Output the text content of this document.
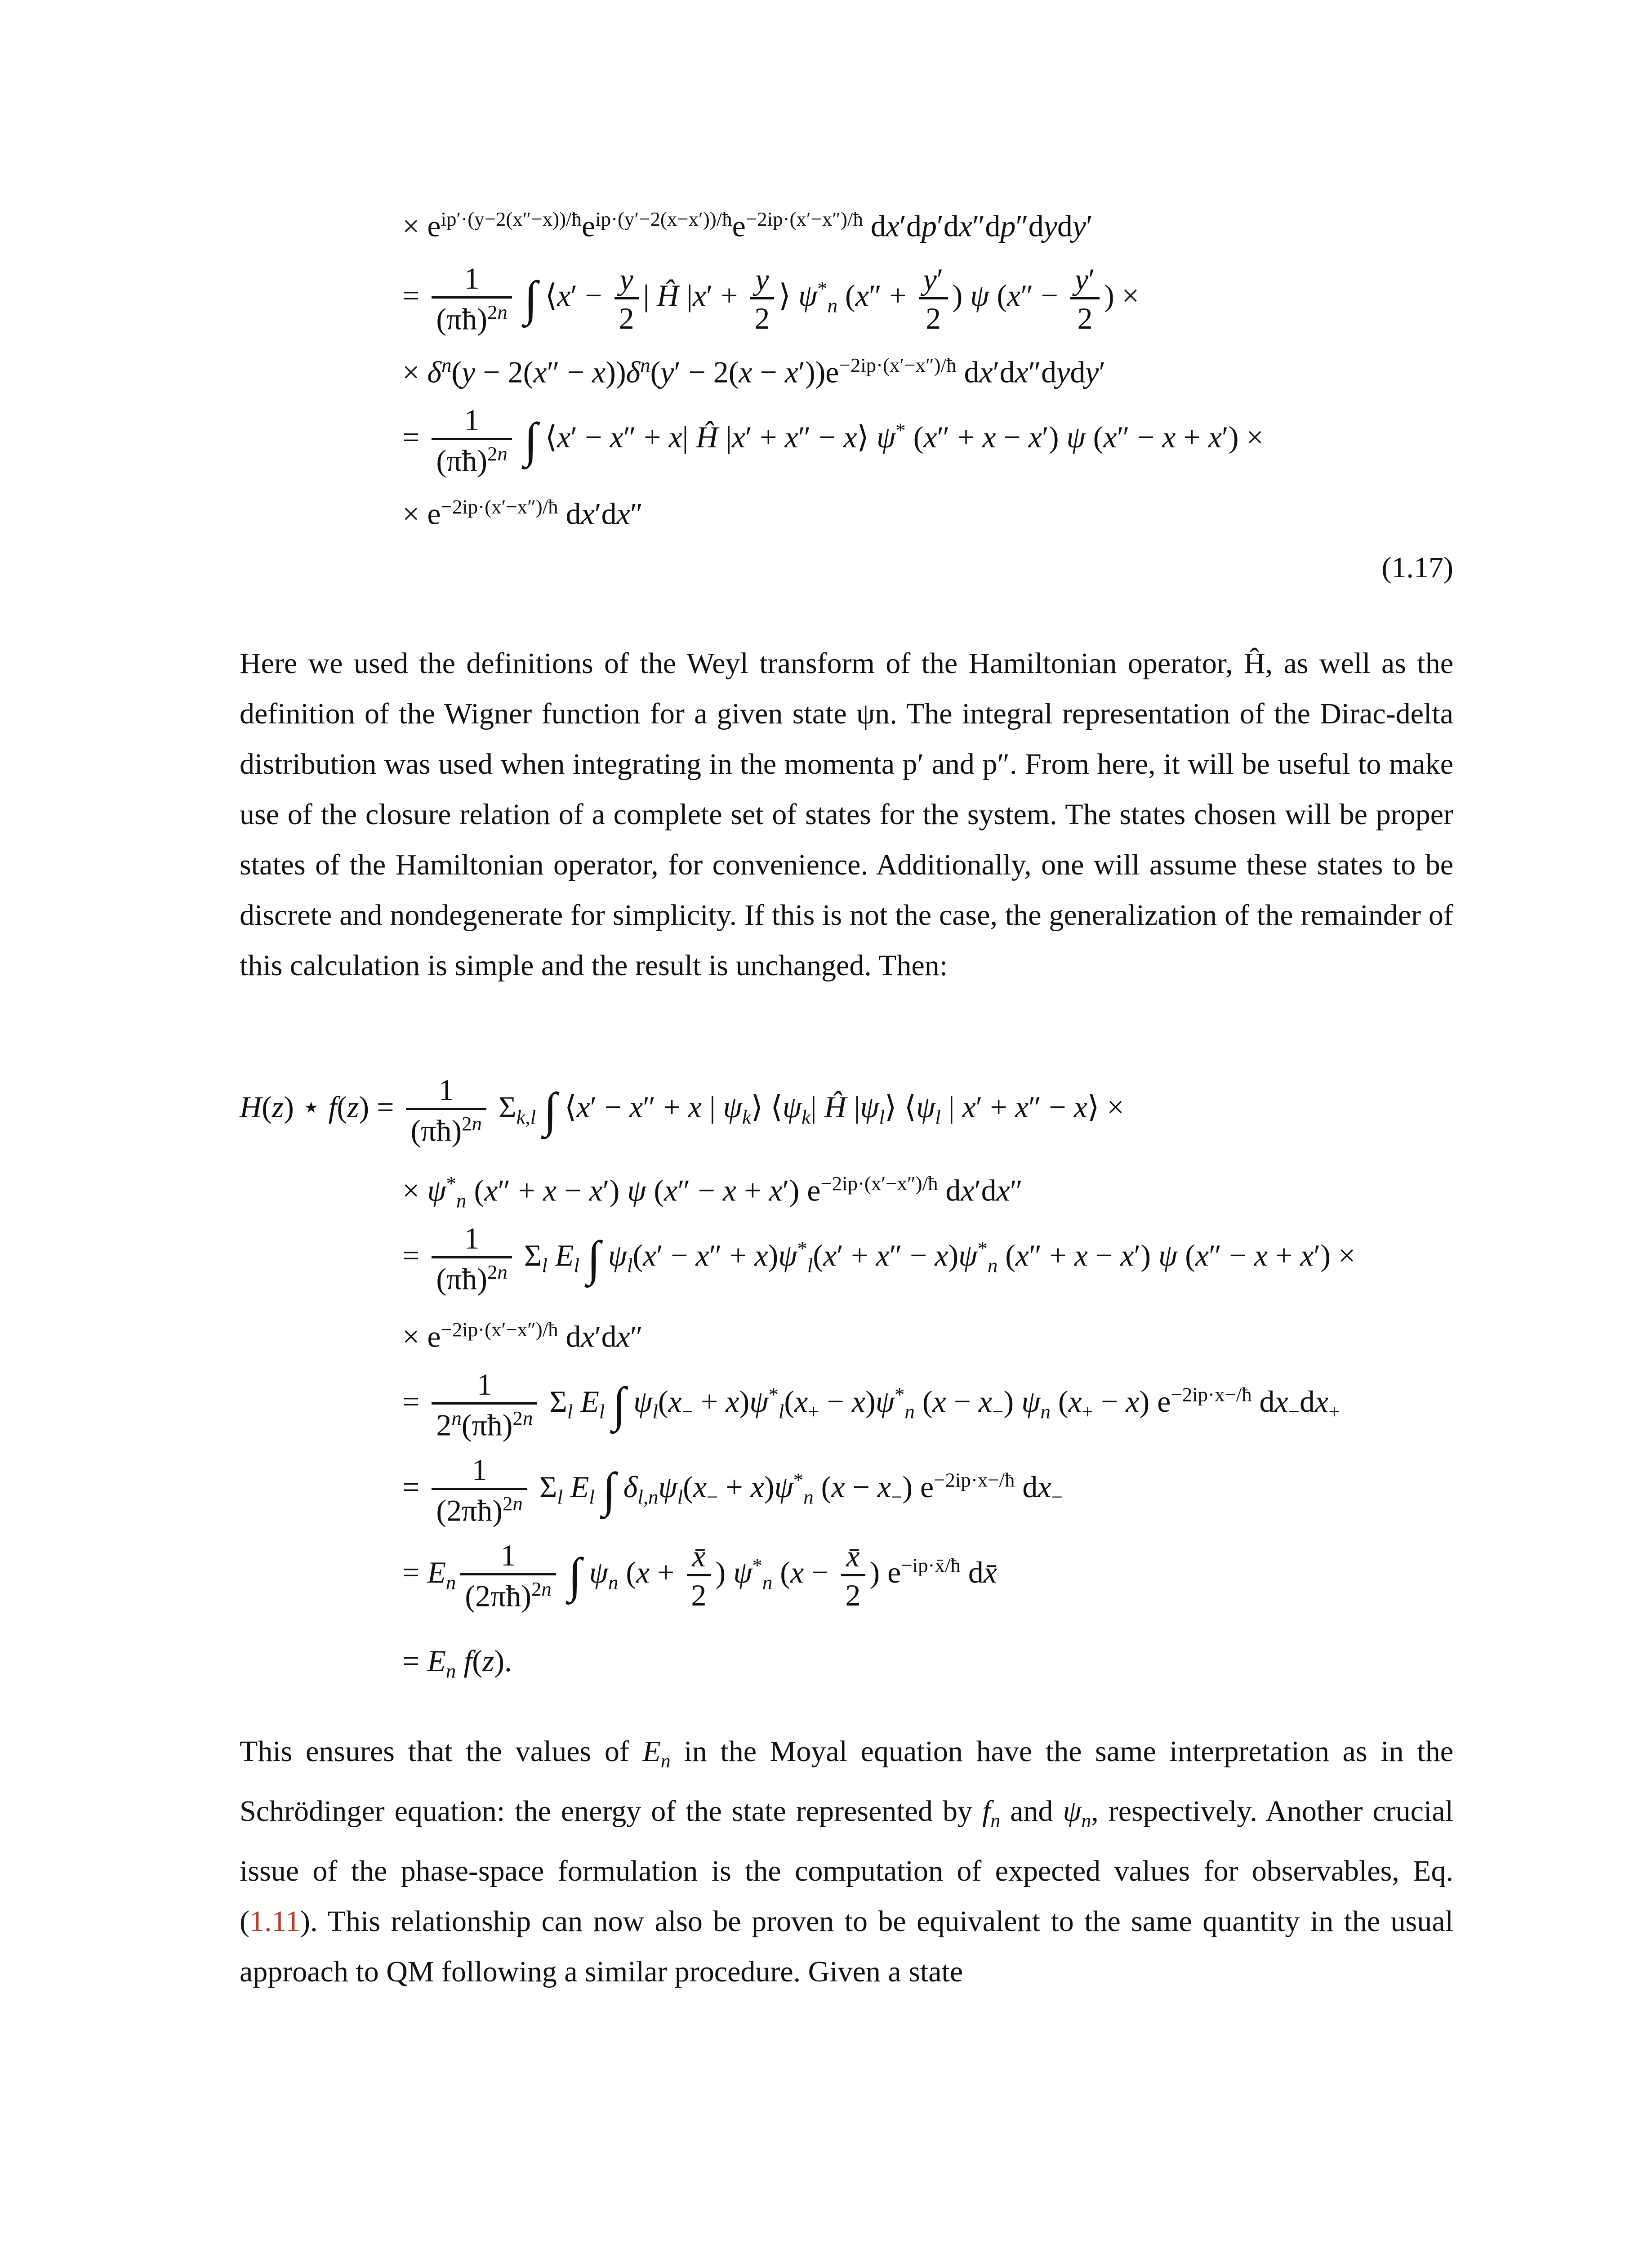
× $e^{ip'\cdot(y-2(x''-x))/ħ}e^{ip\cdot(y'-2(x-x'))/ħ}e^{-2ip\cdot(x'-x'')/ħ}$ dx′dp′dx″dp″dydy′
= $\frac{1}{(\pi ħ)^{2n}}$ ∫ ⟨x′ − $\frac{y}{2}$ | Ĥ $|x' + \frac{y}{2}$ ⟩ $\psi^*_n$ ($x'' + \frac{y'}{2}$ ) ψ ($x'' - \frac{y'}{2}$ ) ×
× $\delta^n(y - 2(x'' - x))\delta^n(y' - 2(x - x'))e^{-2ip\cdot(x'-x'')/ħ}$ dx′dx″dydy′
= $\frac{1}{(\pi ħ)^{2n}}$ ∫ ⟨x′ − x″ + x| Ĥ |x′ + x″ − x⟩ ψ* (x″ + x − x′) ψ (x″ − x + x′) ×
× $e^{-2ip\cdot(x'-x'')/ħ}$ dx′dx″
(1.17)

Here we used the definitions of the Weyl transform of the Hamiltonian operator, Ĥ, as well as the definition of the Wigner function for a given state ψn. The integral representation of the Dirac-delta distribution was used when integrating in the momenta p′ and p″. From here, it will be useful to make use of the closure relation of a complete set of states for the system. The states chosen will be proper states of the Hamiltonian operator, for convenience. Additionally, one will assume these states to be discrete and nondegenerate for simplicity. If this is not the case, the generalization of the remainder of this calculation is simple and the result is unchanged. Then:

H(z) ⋆ $f(z) = \frac{1}{(\pi ħ)^{2n}} \Sigma_{k,l}$ ∫ ⟨x′ − x″ + x | $\psi_k⟩$ $⟨\psi_k|$ Ĥ $|\psi_l⟩$ $⟨\psi_l$ | x′ + x″ − x⟩ ×
× $\psi^*_n$ (x″ + x − x′) ψ (x″ − x + x′) $e^{-2ip\cdot(x'-x'')/ħ}$ dx′dx″
= $\frac{1}{(\pi ħ)^{2n}} \Sigma_l$ $E_l$ ∫ $\psi_l(x' - x'' + x)\psi^*_l(x' + x'' - x)\psi^*_n$ (x″ + x − x′) ψ (x″ − x + x′) ×
× $e^{-2ip\cdot(x'-x'')/ħ}$ dx′dx″
= $\frac{1}{2^n(\pi ħ)^{2n}} \Sigma_l$ $E_l$ ∫ $\psi_l(x_- + x)\psi^*_l(x_+ - x)\psi^*_n$ $(x - x_-)$ $\psi_n$ $(x_+ - x)$ $e^{-2ip\cdot x-/ħ}$ $dx_-dx_+$
= $\frac{1}{(2\pi ħ)^{2n}} \Sigma_l$ $E_l$ ∫ $\delta_{l,n}\psi_l(x_- + x)\psi^*_n$ $(x - x_-)$ $e^{-2ip\cdot x-/ħ}$ $dx_-$
= $E_n \frac{1}{(2\pi ħ)^{2n}}$ ∫ $\psi_n$ ($x + \frac{x̄}{2}$ ) $\psi^*_n$ ($x - \frac{x̄}{2}$ ) $e^{-ip\cdot x̄/ħ}$ dx̄
= $E_n$ f(z).

This ensures that the values of $E_n$ in the Moyal equation have the same interpretation as in the Schrödinger equation: the energy of the state represented by $f_n$ and $\psi_n$, respectively. Another crucial issue of the phase-space formulation is the computation of expected values for observables, Eq. (1.11). This relationship can now also be proven to be equivalent to the same quantity in the usual approach to QM following a similar procedure. Given a state
